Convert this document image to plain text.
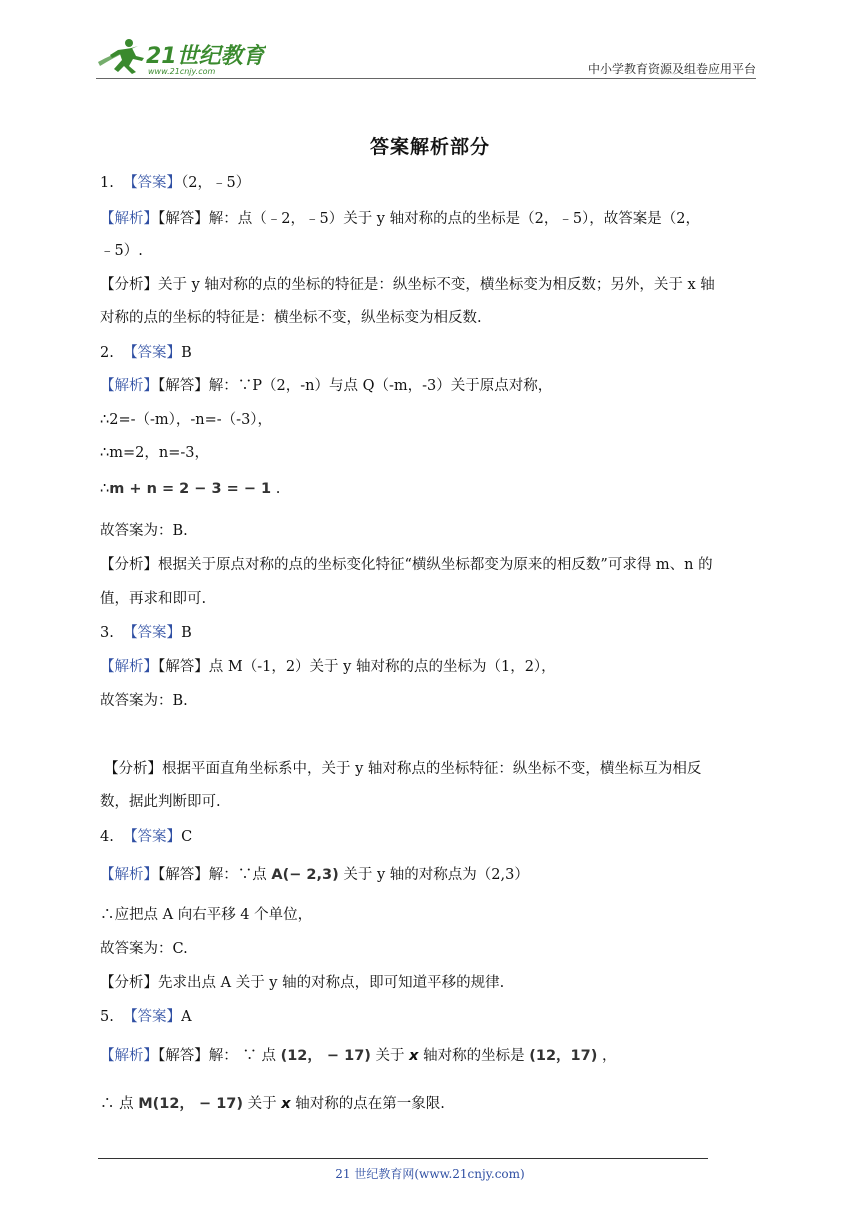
21世纪教育
www.21cnjy.com	中小学教育资源及组卷应用平台
答案解析部分
1. 【答案】（2，﹣5）
【解析】【解答】解：点（﹣2，﹣5）关于 y 轴对称的点的坐标是（2，﹣5），故答案是（2，
﹣5）.
【分析】关于 y 轴对称的点的坐标的特征是：纵坐标不变，横坐标变为相反数；另外，关于 x 轴
对称的点的坐标的特征是：横坐标不变，纵坐标变为相反数.
2. 【答案】B
【解析】【解答】解：∵P（2，-n）与点 Q（-m，-3）关于原点对称，
∴2=-（-m），-n=-（-3），
∴m=2，n=-3，
∴m + n = 2 − 3 = − 1 .
故答案为：B.
【分析】根据关于原点对称的点的坐标变化特征“横纵坐标都变为原来的相反数”可求得 m、n 的
值，再求和即可.
3. 【答案】B
【解析】【解答】点 M（-1，2）关于 y 轴对称的点的坐标为（1，2），
故答案为：B.
【分析】根据平面直角坐标系中，关于 y 轴对称点的坐标特征：纵坐标不变，横坐标互为相反
数，据此判断即可.
4. 【答案】C
【解析】【解答】解：∵点 A(− 2,3) 关于 y 轴的对称点为（2,3）
∴应把点 A 向右平移 4 个单位，
故答案为：C.
【分析】先求出点 A 关于 y 轴的对称点，即可知道平移的规律.
5. 【答案】A
【解析】【解答】解： ∵ 点 (12， − 17) 关于 x 轴对称的坐标是 (12，17) ，
∴ 点 M(12， − 17) 关于 x 轴对称的点在第一象限.
21 世纪教育网(www.21cnjy.com)
